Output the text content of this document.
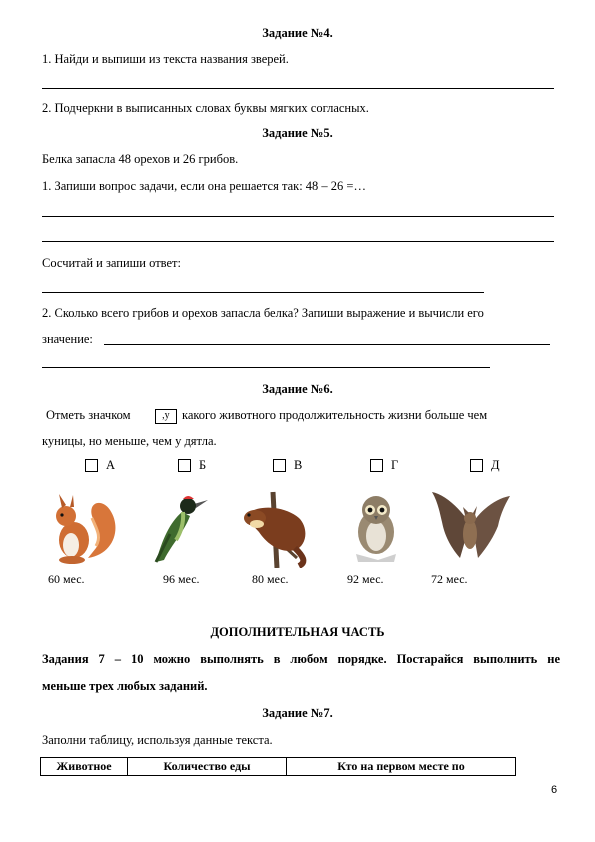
Задание №4.
1. Найди и выпиши из текста названия зверей.
2. Подчеркни в выписанных словах буквы мягких согласных.
Задание №5.
Белка запасла 48 орехов и 26 грибов.
1. Запиши вопрос задачи, если она решается так: 48 – 26 =…
Сосчитай и запиши ответ:
2. Сколько всего грибов и орехов запасла белка? Запиши выражение и вычисли его
значение:
Задание №6.
Отметь значком	,у какого животного продолжительность жизни больше чем
куницы, но меньше, чем у дятла.
А	Б	В	Г	Д
60 мес.	96 мес.	80 мес.	92 мес.	72 мес.
ДОПОЛНИТЕЛЬНАЯ ЧАСТЬ
Задания 7 – 10 можно выполнять в любом порядке. Постарайся выполнить не
меньше трех любых заданий.
Задание №7.
Заполни таблицу, используя данные текста.
Животное	Количество еды	Кто на первом месте по
6
